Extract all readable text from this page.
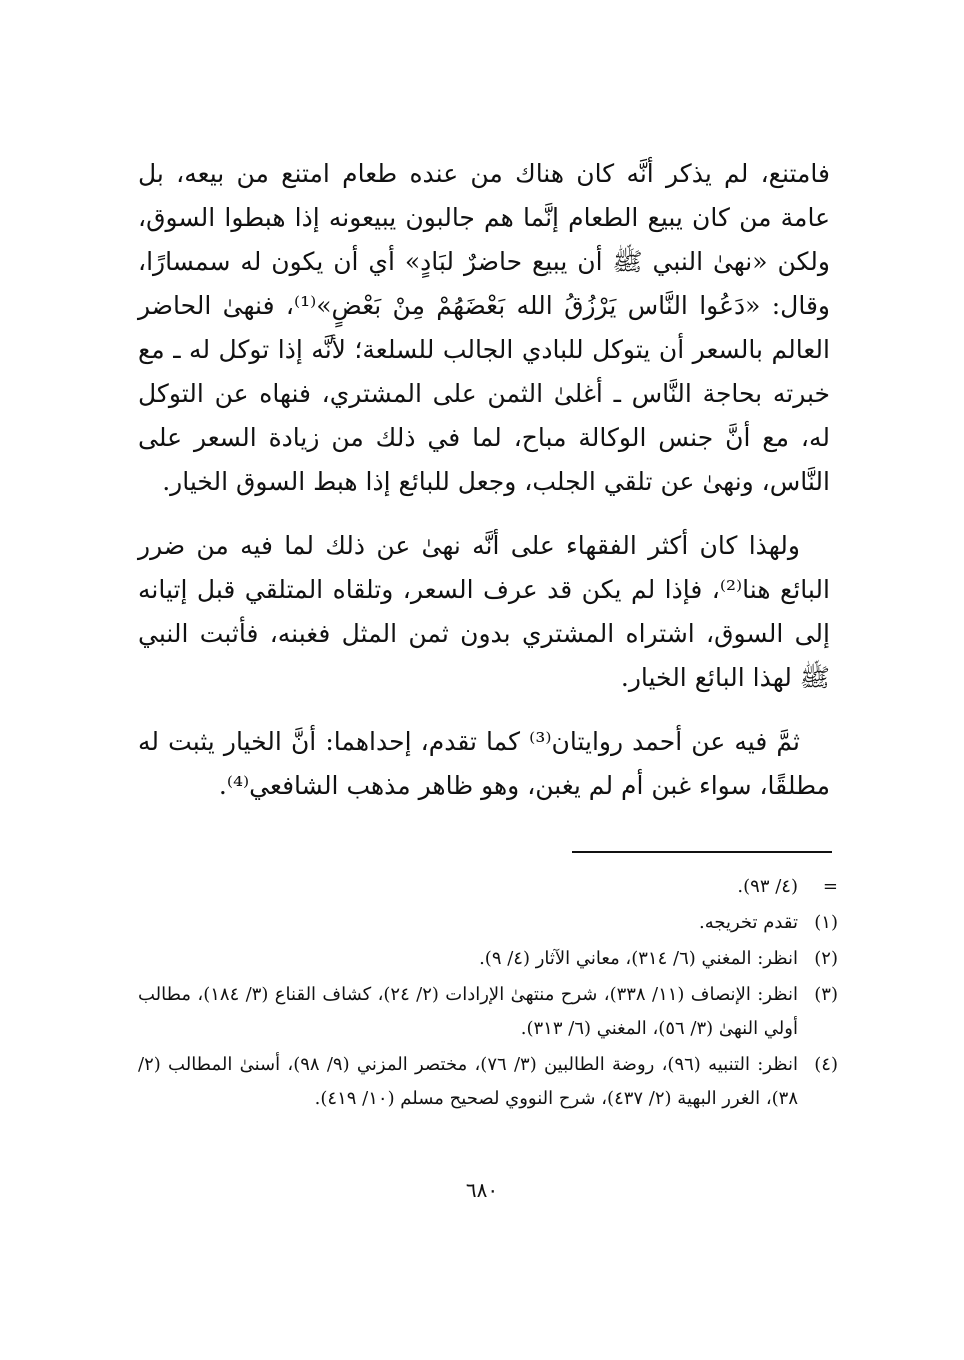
فامتنع، لم يذكر أنَّه كان هناك من عنده طعام امتنع من بيعه، بل عامة من كان يبيع الطعام إنَّما هم جالبون يبيعونه إذا هبطوا السوق، ولكن «نهىٰ النبي ﷺ أن يبيع حاضرٌ لبَادٍ» أي أن يكون له سمسارًا، وقال: «دَعُوا النَّاس يَرْزُقُ الله بَعْضَهُمْ مِنْ بَعْضٍ»⁽¹⁾، فنهىٰ الحاضر العالم بالسعر أن يتوكل للبادي الجالب للسلعة؛ لأنَّه إذا توكل له ـ مع خبرته بحاجة النَّاس ـ أغلىٰ الثمن على المشتري، فنهاه عن التوكل له، مع أنَّ جنس الوكالة مباح، لما في ذلك من زيادة السعر على النَّاس، ونهىٰ عن تلقي الجلب، وجعل للبائع إذا هبط السوق الخيار.

ولهذا كان أكثر الفقهاء على أنَّه نهىٰ عن ذلك لما فيه من ضرر البائع هنا⁽²⁾، فإذا لم يكن قد عرف السعر، وتلقاه المتلقي قبل إتيانه إلى السوق، اشتراه المشتري بدون ثمن المثل فغبنه، فأثبت النبي ﷺ لهذا البائع الخيار.

ثمَّ فيه عن أحمد روايتان⁽³⁾ كما تقدم، إحداهما: أنَّ الخيار يثبت له مطلقًا، سواء غبن أم لم يغبن، وهو ظاهر مذهب الشافعي⁽⁴⁾.

=
(٤/ ٩٣).
(١)
تقدم تخريجه.
(٢)
انظر: المغني (٦/ ٣١٤)، معاني الآثار (٤/ ٩).
(٣)
انظر: الإنصاف (١١/ ٣٣٨)، شرح منتهىٰ الإرادات (٢/ ٢٤)، كشاف القناع (٣/ ١٨٤)، مطالب أولي النهىٰ (٣/ ٥٦)، المغني (٦/ ٣١٣).
(٤)
انظر: التنبيه (٩٦)، روضة الطالبين (٣/ ٧٦)، مختصر المزني (٩/ ٩٨)، أسنىٰ المطالب (٢/ ٣٨)، الغرر البهية (٢/ ٤٣٧)، شرح النووي لصحيح مسلم (١٠/ ٤١٩).
٦٨٠
